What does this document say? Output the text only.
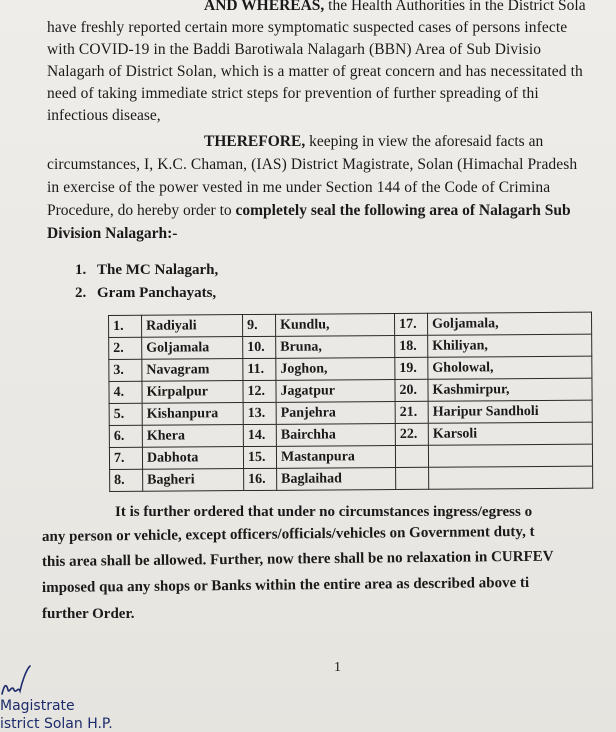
AND WHEREAS, the Health Authorities in the District Sola
have freshly reported certain more symptomatic suspected cases of persons infecte
with COVID-19 in the Baddi Barotiwala Nalagarh (BBN) Area of Sub Divisio
Nalagarh of District Solan, which is a matter of great concern and has necessitated th
need of taking immediate strict steps for prevention of further spreading of thi
infectious disease,
THEREFORE, keeping in view the aforesaid facts an
circumstances, I, K.C. Chaman, (IAS) District Magistrate, Solan (Himachal Pradesh
in exercise of the power vested in me under Section 144 of the Code of Crimina
Procedure, do hereby order to completely seal the following area of Nalagarh Sub
Division Nalagarh:-
1. The MC Nalagarh,
2. Gram Panchayats,
1.	Radiyali	9.	Kundlu,	17.	Goljamala,
2.	Goljamala	10.	Bruna,	18.	Khiliyan,
3.	Navagram	11.	Joghon,	19.	Gholowal,
4.	Kirpalpur	12.	Jagatpur	20.	Kashmirpur,
5.	Kishanpura	13.	Panjehra	21.	Haripur Sandholi
6.	Khera	14.	Bairchha	22.	Karsoli
7.	Dabhota	15.	Mastanpura		
8.	Bagheri	16.	Baglaihad		
It is further ordered that under no circumstances ingress/egress o
any person or vehicle, except officers/officials/vehicles on Government duty, t
this area shall be allowed. Further, now there shall be no relaxation in CURFEV
imposed qua any shops or Banks within the entire area as described above ti
further Order.
1
Magistrate
istrict Solan H.P.
